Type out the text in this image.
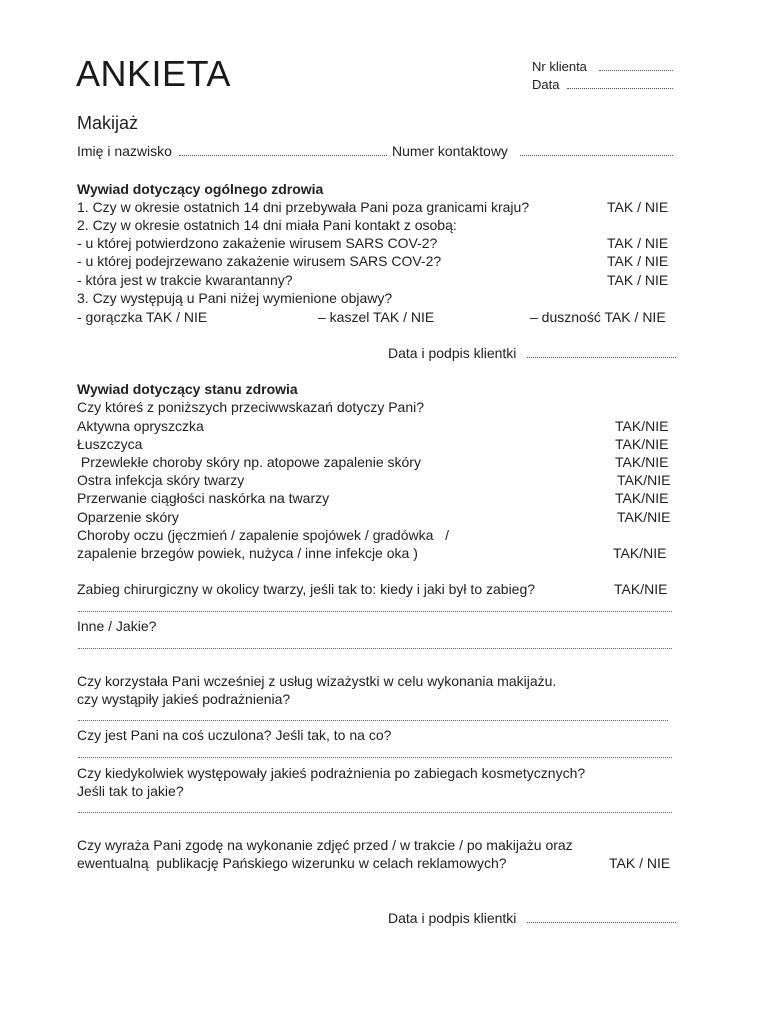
ANKIETA	Nr klienta
Data
Makijaż
Imię i nazwisko	Numer kontaktowy
Wywiad dotyczący ogólnego zdrowia
1. Czy w okresie ostatnich 14 dni przebywała Pani poza granicami kraju?	TAK / NIE
2. Czy w okresie ostatnich 14 dni miała Pani kontakt z osobą:
- u której potwierdzono zakażenie wirusem SARS COV-2?	TAK / NIE
- u której podejrzewano zakażenie wirusem SARS COV-2?	TAK / NIE
- która jest w trakcie kwarantanny?	TAK / NIE
3. Czy występują u Pani niżej wymienione objawy?
- gorączka TAK / NIE	– kaszel TAK / NIE	– duszność TAK / NIE
Data i podpis klientki
Wywiad dotyczący stanu zdrowia
Czy któreś z poniższych przeciwwskazań dotyczy Pani?
Aktywna opryszczka	TAK/NIE
Łuszczyca	TAK/NIE
Przewlekłe choroby skóry np. atopowe zapalenie skóry	TAK/NIE
Ostra infekcja skóry twarzy	TAK/NIE
Przerwanie ciągłości naskórka na twarzy	TAK/NIE
Oparzenie skóry	TAK/NIE
Choroby oczu (jęczmień / zapalenie spojówek / gradówka   /
zapalenie brzegów powiek, nużyca / inne infekcje oka )	TAK/NIE
Zabieg chirurgiczny w okolicy twarzy, jeśli tak to: kiedy i jaki był to zabieg?	TAK/NIE
Inne / Jakie?
Czy korzystała Pani wcześniej z usług wizażystki w celu wykonania makijażu.
czy wystąpiły jakieś podrażnienia?
Czy jest Pani na coś uczulona? Jeśli tak, to na co?
Czy kiedykolwiek występowały jakieś podrażnienia po zabiegach kosmetycznych?
Jeśli tak to jakie?
Czy wyraża Pani zgodę na wykonanie zdjęć przed / w trakcie / po makijażu oraz
ewentualną  publikację Pańskiego wizerunku w celach reklamowych?	TAK / NIE
Data i podpis klientki
